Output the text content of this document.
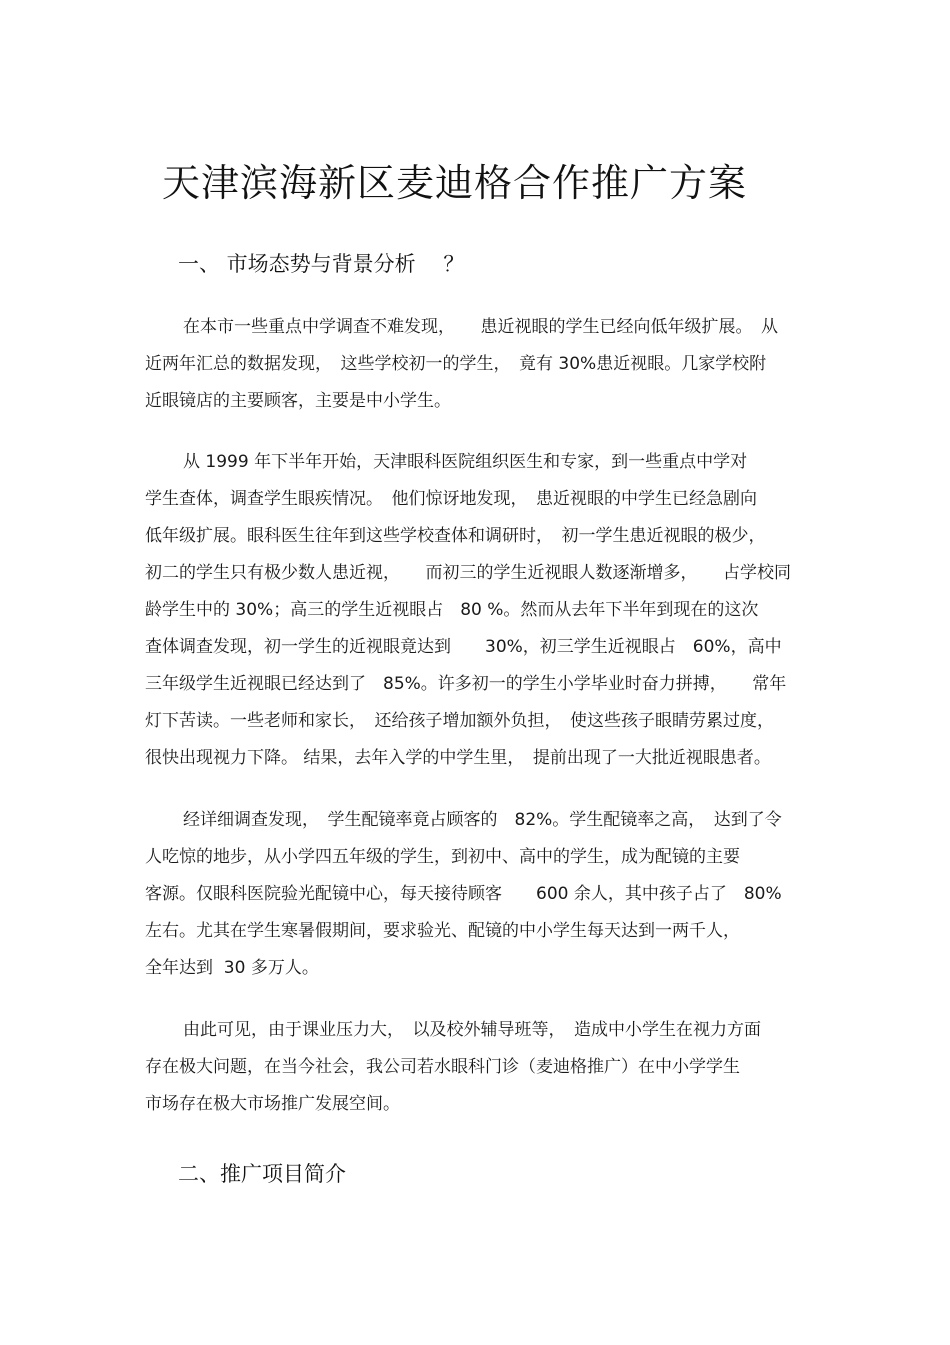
天津滨海新区麦迪格合作推广方案
一、 市场态势与背景分析 　？
在本市一些重点中学调查不难发现，　　患近视眼的学生已经向低年级扩展。　从
近两年汇总的数据发现，　这些学校初一的学生，　竟有 30%患近视眼。几家学校附
近眼镜店的主要顾客，主要是中小学生。
从 1999 年下半年开始，天津眼科医院组织医生和专家，到一些重点中学对
学生查体，调查学生眼疾情况。　他们惊讶地发现，　患近视眼的中学生已经急剧向
低年级扩展。眼科医生往年到这些学校查体和调研时，　初一学生患近视眼的极少，
初二的学生只有极少数人患近视，　　而初三的学生近视眼人数逐渐增多，　　占学校同
龄学生中的 30%；高三的学生近视眼占　80 %。然而从去年下半年到现在的这次
查体调查发现，初一学生的近视眼竟达到　　30%，初三学生近视眼占　60%，高中
三年级学生近视眼已经达到了　85%。许多初一的学生小学毕业时奋力拼搏，　　常年
灯下苦读。一些老师和家长，　还给孩子增加额外负担，　使这些孩子眼睛劳累过度，
很快出现视力下降。 结果，去年入学的中学生里，　提前出现了一大批近视眼患者。
经详细调查发现，　学生配镜率竟占顾客的　82%。学生配镜率之高，　达到了令
人吃惊的地步，从小学四五年级的学生，到初中、高中的学生，成为配镜的主要
客源。仅眼科医院验光配镜中心，每天接待顾客　　600 余人，其中孩子占了　80%
左右。尤其在学生寒暑假期间，要求验光、配镜的中小学生每天达到一两千人，
全年达到  30 多万人。
由此可见，由于课业压力大，　以及校外辅导班等，　造成中小学生在视力方面
存在极大问题，在当今社会，我公司若水眼科门诊（麦迪格推广）在中小学学生
市场存在极大市场推广发展空间。
二、推广项目简介
